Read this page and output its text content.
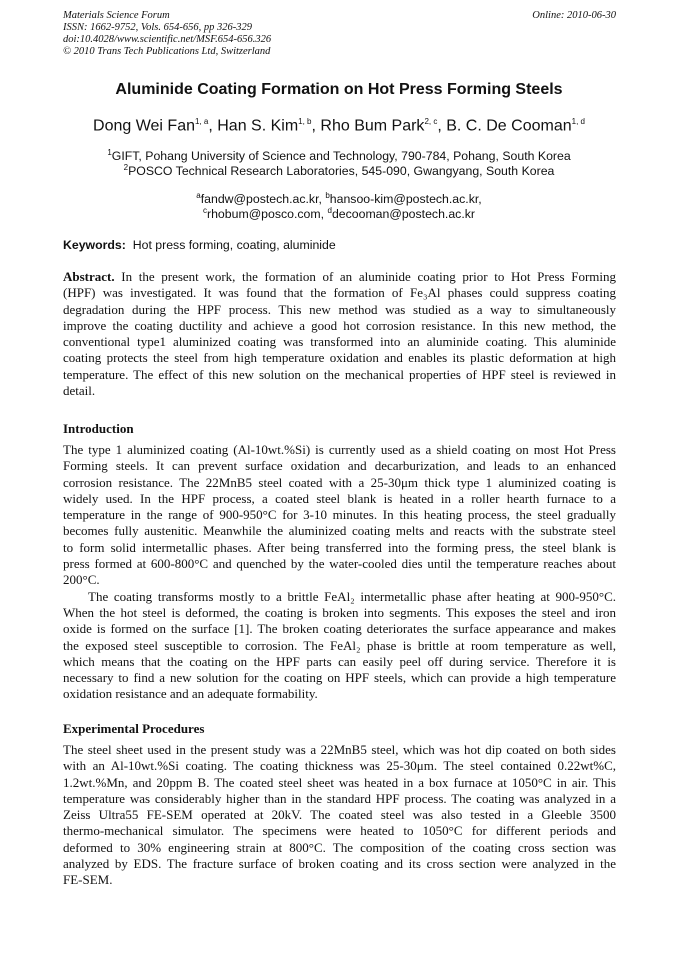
Materials Science Forum
ISSN: 1662-9752, Vols. 654-656, pp 326-329
doi:10.4028/www.scientific.net/MSF.654-656.326
© 2010 Trans Tech Publications Ltd, Switzerland
Online: 2010-06-30
Aluminide Coating Formation on Hot Press Forming Steels
Dong Wei Fan$^{1, a}$, Han S. Kim$^{1, b}$, Rho Bum Park$^{2, c}$, B. C. De Cooman$^{1, d}$
$^1$GIFT, Pohang University of Science and Technology, 790-784, Pohang, South Korea
$^2$POSCO Technical Research Laboratories, 545-090, Gwangyang, South Korea
$^a$fandw@postech.ac.kr, $^b$hansoo-kim@postech.ac.kr,
$^c$rhobum@posco.com, $^d$decooman@postech.ac.kr
Keywords: Hot press forming, coating, aluminide
Abstract. In the present work, the formation of an aluminide coating prior to Hot Press Forming
(HPF) was investigated. It was found that the formation of Fe₃Al phases could suppress coating
degradation during the HPF process. This new method was studied as a way to simultaneously
improve the coating ductility and achieve a good hot corrosion resistance. In this new method, the
conventional type1 aluminized coating was transformed into an aluminide coating. This aluminide
coating protects the steel from high temperature oxidation and enables its plastic deformation at high
temperature. The effect of this new solution on the mechanical properties of HPF steel is reviewed in
detail.
Introduction
The type 1 aluminized coating (Al-10wt.%Si) is currently used as a shield coating on most Hot Press
Forming steels. It can prevent surface oxidation and decarburization, and leads to an enhanced
corrosion resistance. The 22MnB5 steel coated with a 25-30μm thick type 1 aluminized coating is
widely used. In the HPF process, a coated steel blank is heated in a roller hearth furnace to a
temperature in the range of 900-950°C for 3-10 minutes. In this heating process, the steel gradually
becomes fully austenitic. Meanwhile the aluminized coating melts and reacts with the substrate steel
to form solid intermetallic phases. After being transferred into the forming press, the steel blank is
press formed at 600-800°C and quenched by the water-cooled dies until the temperature reaches about
200°C.
The coating transforms mostly to a brittle FeAl₂ intermetallic phase after heating at 900-950°C.
When the hot steel is deformed, the coating is broken into segments. This exposes the steel and iron
oxide is formed on the surface [1]. The broken coating deteriorates the surface appearance and makes
the exposed steel susceptible to corrosion. The FeAl₂ phase is brittle at room temperature as well,
which means that the coating on the HPF parts can easily peel off during service. Therefore it is
necessary to find a new solution for the coating on HPF steels, which can provide a high temperature
oxidation resistance and an adequate formability.
Experimental Procedures
The steel sheet used in the present study was a 22MnB5 steel, which was hot dip coated on both sides
with an Al-10wt.%Si coating. The coating thickness was 25-30μm. The steel contained 0.22wt%C,
1.2wt.%Mn, and 20ppm B. The coated steel sheet was heated in a box furnace at 1050°C in air. This
temperature was considerably higher than in the standard HPF process. The coating was analyzed in a
Zeiss Ultra55 FE-SEM operated at 20kV. The coated steel was also tested in a Gleeble 3500
thermo-mechanical simulator. The specimens were heated to 1050°C for different periods and
deformed to 30% engineering strain at 800°C. The composition of the coating cross section was
analyzed by EDS. The fracture surface of broken coating and its cross section were analyzed in the
FE-SEM.
